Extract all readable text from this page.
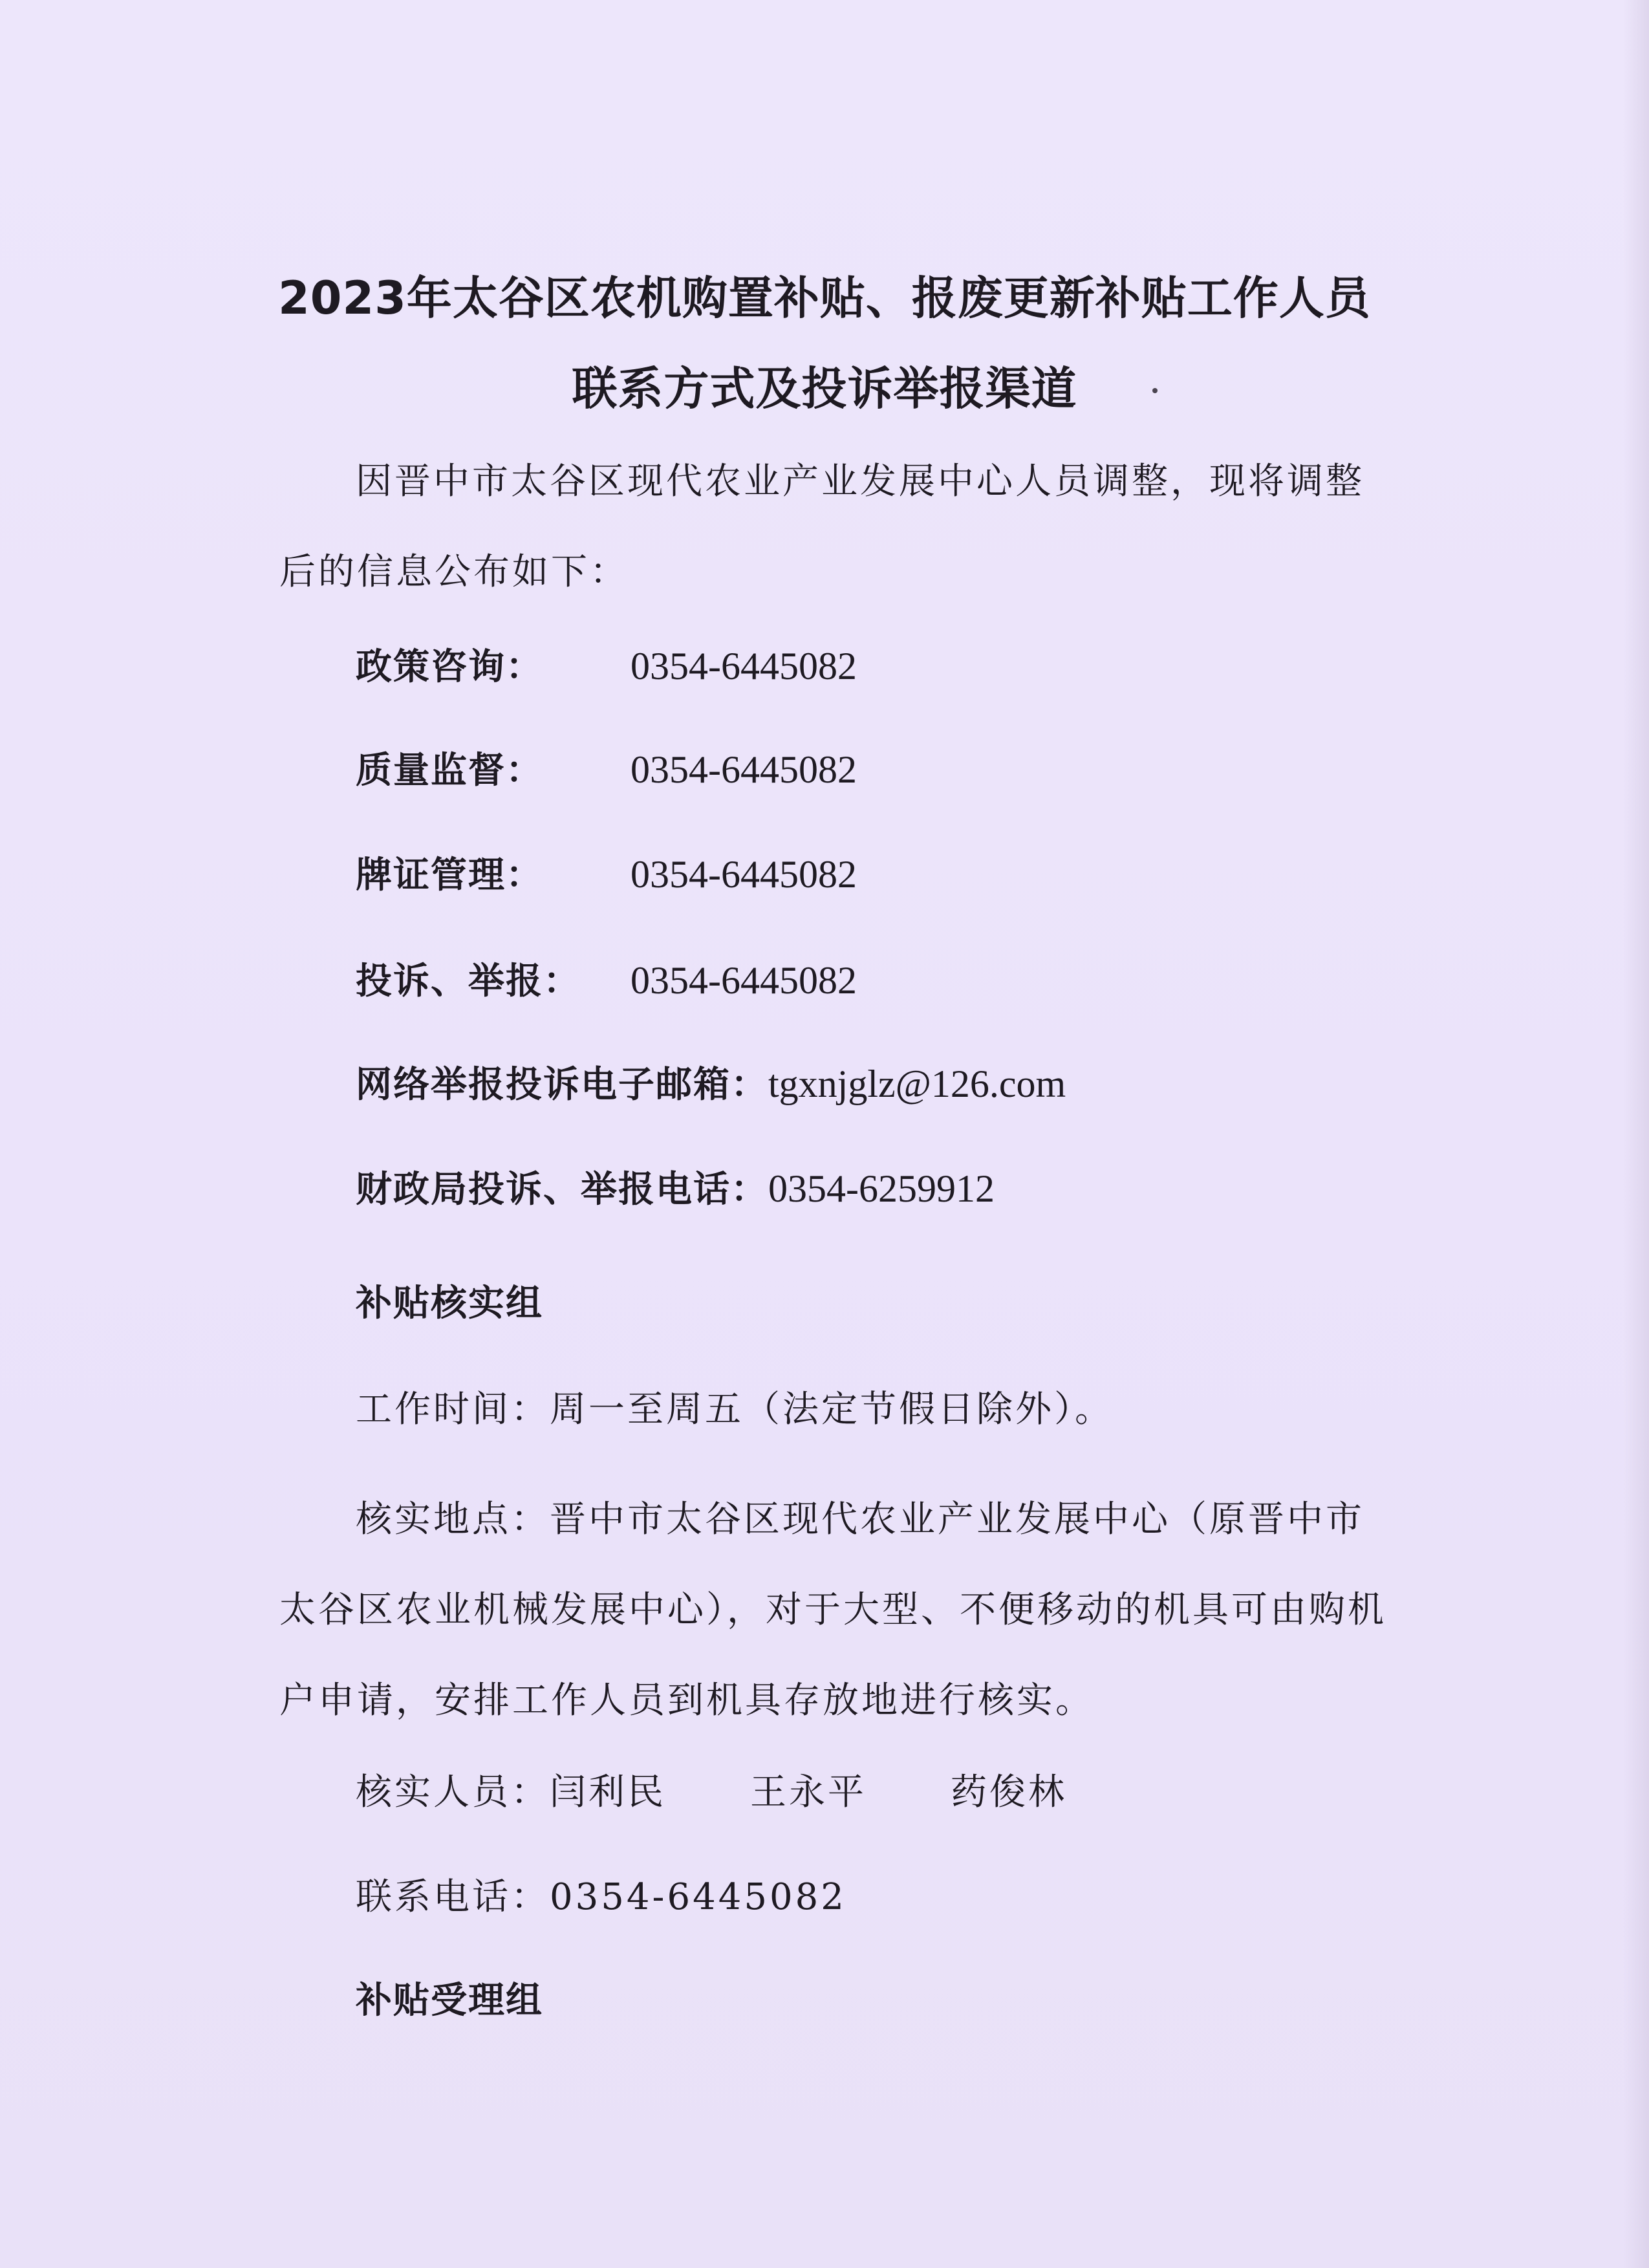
2023年太谷区农机购置补贴、报废更新补贴工作人员
联系方式及投诉举报渠道

因晋中市太谷区现代农业产业发展中心人员调整，现将调整后的信息公布如下：

政策咨询： 0354-6445082
质量监督： 0354-6445082
牌证管理： 0354-6445082
投诉、举报： 0354-6445082
网络举报投诉电子邮箱：tgxnjglz@126.com
财政局投诉、举报电话：0354-6259912
补贴核实组
工作时间：周一至周五（法定节假日除外）。

核实地点：晋中市太谷区现代农业产业发展中心（原晋中市太谷区农业机械发展中心），对于大型、不便移动的机具可由购机户申请，安排工作人员到机具存放地进行核实。

核实人员：闫利民 王永平 药俊林
联系电话：0354-6445082
补贴受理组
